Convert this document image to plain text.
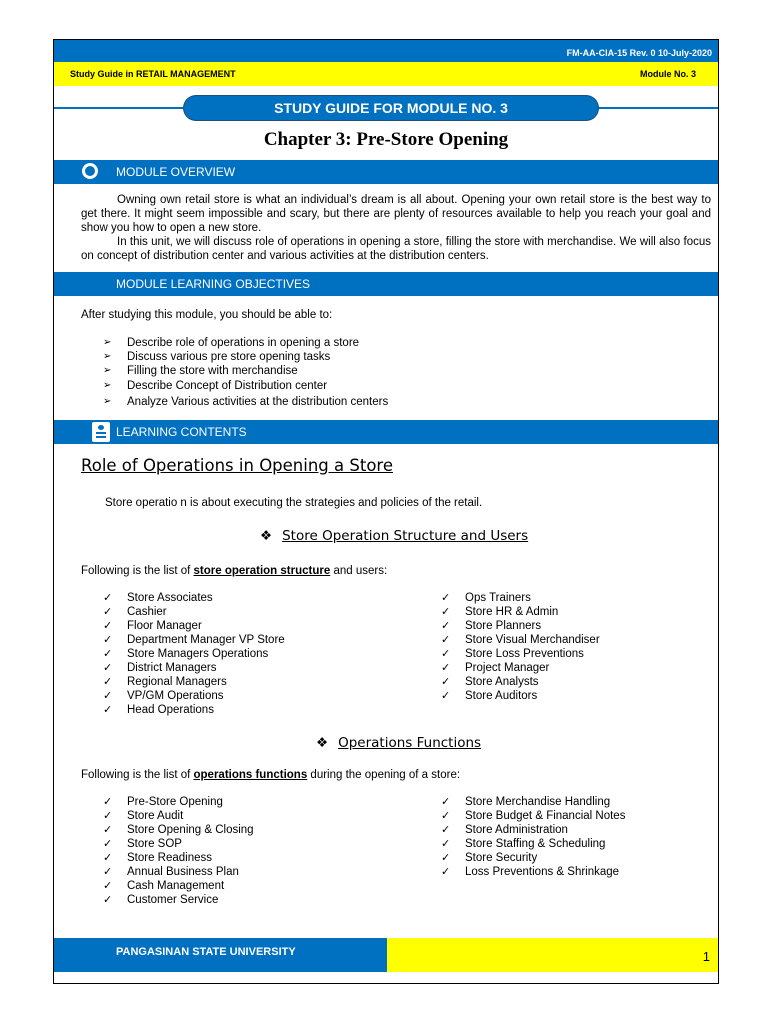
FM-AA-CIA-15 Rev. 0 10-July-2020
Study Guide in RETAIL MANAGEMENT	Module No. 3
STUDY GUIDE FOR MODULE NO. 3
Chapter 3: Pre-Store Opening
MODULE OVERVIEW

Owning own retail store is what an individual’s dream is all about. Opening your own retail store is the best way to get there. It might seem impossible and scary, but there are plenty of resources available to help you reach your goal and show you how to open a new store.

In this unit, we will discuss role of operations in opening a store, filling the store with merchandise. We will also focus on concept of distribution center and various activities at the distribution centers.

MODULE LEARNING OBJECTIVES
After studying this module, you should be able to:
➢ Describe role of operations in opening a store
➢ Discuss various pre store opening tasks
➢ Filling the store with merchandise
➢ Describe Concept of Distribution center
➢ Analyze Various activities at the distribution centers
LEARNING CONTENTS
Role of Operations in Opening a Store
Store operatio n is about executing the strategies and policies of the retail.
❖ Store Operation Structure and Users
Following is the list of store operation structure and users:
✓ Store Associates
✓ Cashier
✓ Floor Manager
✓ Department Manager VP Store
✓ Store Managers Operations
✓ District Managers
✓ Regional Managers
✓ VP/GM Operations
✓ Head Operations
✓ Ops Trainers
✓ Store HR & Admin
✓ Store Planners
✓ Store Visual Merchandiser
✓ Store Loss Preventions
✓ Project Manager
✓ Store Analysts
✓ Store Auditors
❖ Operations Functions
Following is the list of operations functions during the opening of a store:
✓ Pre-Store Opening
✓ Store Audit
✓ Store Opening & Closing
✓ Store SOP
✓ Store Readiness
✓ Annual Business Plan
✓ Cash Management
✓ Customer Service
✓ Store Merchandise Handling
✓ Store Budget & Financial Notes
✓ Store Administration
✓ Store Staffing & Scheduling
✓ Store Security
✓ Loss Preventions & Shrinkage
PANGASINAN STATE UNIVERSITY	1
